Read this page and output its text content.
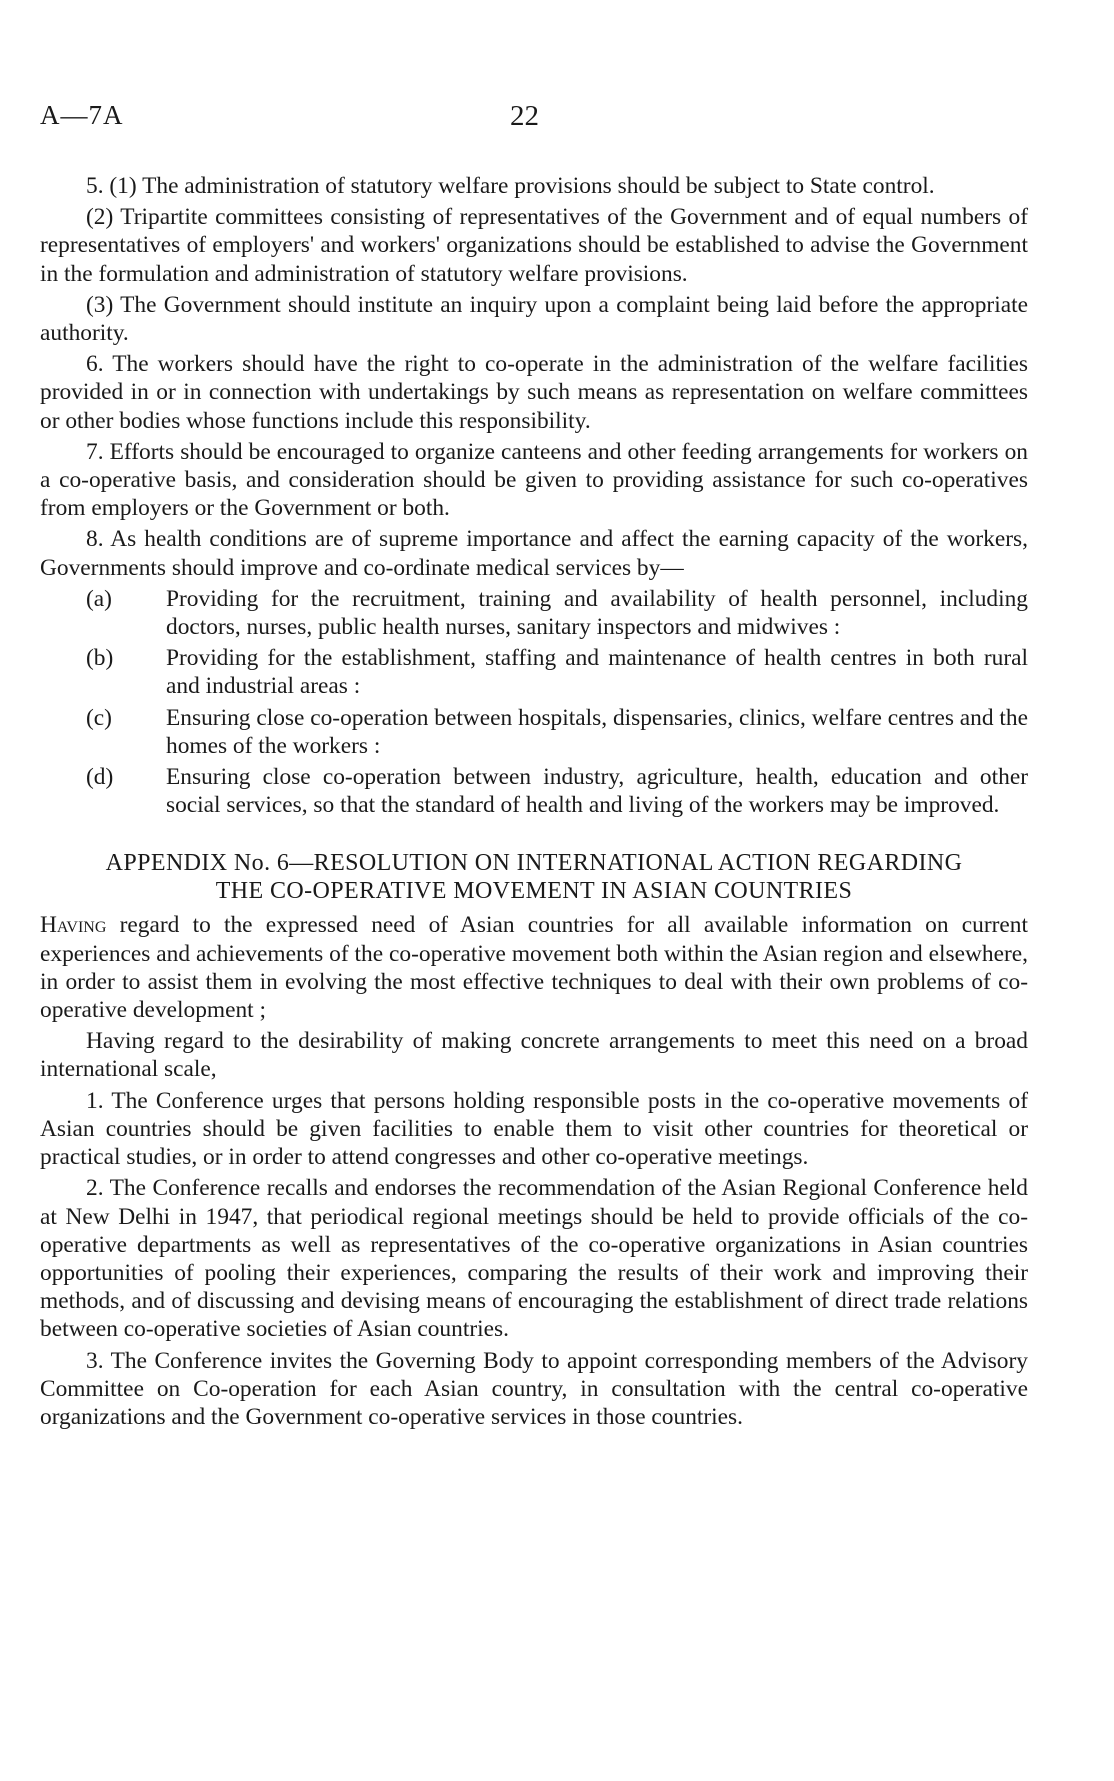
A—7A	22

5. (1) The administration of statutory welfare provisions should be subject to State control.

(2) Tripartite committees consisting of representatives of the Government and of equal numbers of representatives of employers' and workers' organizations should be established to advise the Government in the formulation and administration of statutory welfare provisions.

(3) The Government should institute an inquiry upon a complaint being laid before the appropriate authority.

6. The workers should have the right to co-operate in the administration of the welfare facilities provided in or in connection with undertakings by such means as representation on welfare committees or other bodies whose functions include this responsibility.

7. Efforts should be encouraged to organize canteens and other feeding arrangements for workers on a co-operative basis, and consideration should be given to providing assistance for such co-operatives from employers or the Government or both.

8. As health conditions are of supreme importance and affect the earning capacity of the workers, Governments should improve and co-ordinate medical services by—

(a) Providing for the recruitment, training and availability of health personnel, including doctors, nurses, public health nurses, sanitary inspectors and midwives :
(b) Providing for the establishment, staffing and maintenance of health centres in both rural and industrial areas :
(c) Ensuring close co-operation between hospitals, dispensaries, clinics, welfare centres and the homes of the workers :
(d) Ensuring close co-operation between industry, agriculture, health, education and other social services, so that the standard of health and living of the workers may be improved.

APPENDIX No. 6—RESOLUTION ON INTERNATIONAL ACTION REGARDING
THE CO-OPERATIVE MOVEMENT IN ASIAN COUNTRIES

Having regard to the expressed need of Asian countries for all available information on current experiences and achievements of the co-operative movement both within the Asian region and elsewhere, in order to assist them in evolving the most effective techniques to deal with their own problems of co-operative development ;

Having regard to the desirability of making concrete arrangements to meet this need on a broad international scale,

1. The Conference urges that persons holding responsible posts in the co-operative movements of Asian countries should be given facilities to enable them to visit other countries for theoretical or practical studies, or in order to attend congresses and other co-operative meetings.

2. The Conference recalls and endorses the recommendation of the Asian Regional Conference held at New Delhi in 1947, that periodical regional meetings should be held to provide officials of the co-operative departments as well as representatives of the co-operative organizations in Asian countries opportunities of pooling their experiences, comparing the results of their work and improving their methods, and of discussing and devising means of encouraging the establishment of direct trade relations between co-operative societies of Asian countries.

3. The Conference invites the Governing Body to appoint corresponding members of the Advisory Committee on Co-operation for each Asian country, in consultation with the central co-operative organizations and the Government co-operative services in those countries.
